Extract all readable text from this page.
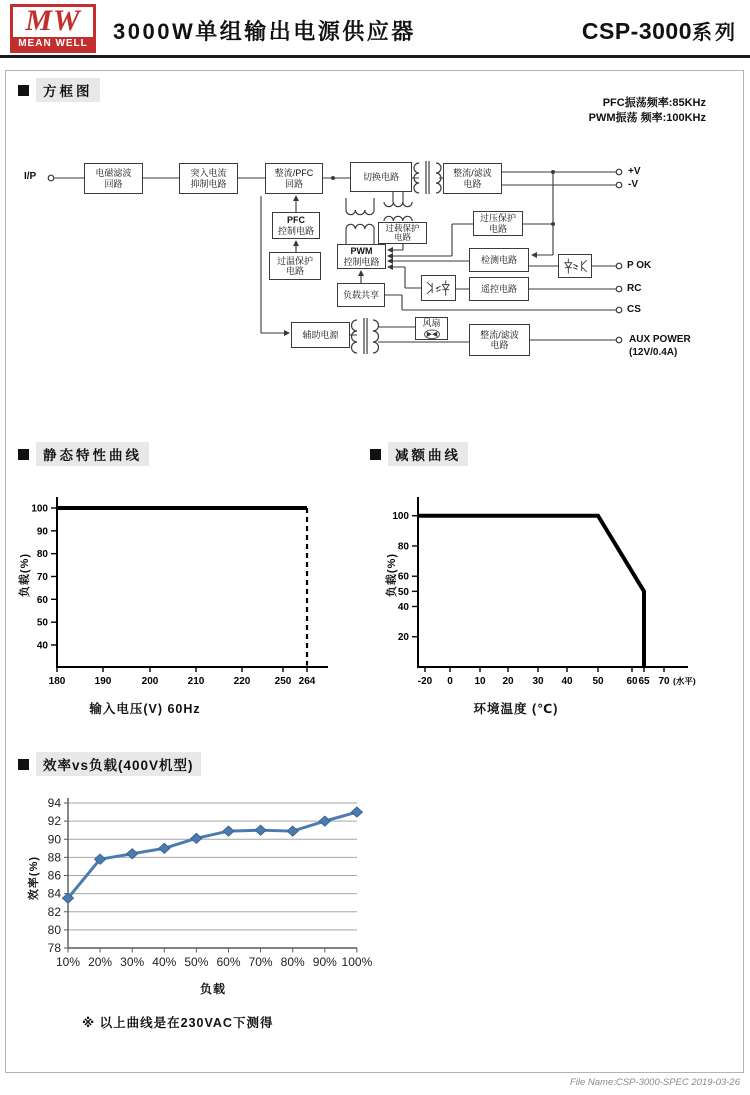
MW
MEAN WELL 3000W单组输出电源供应器	CSP-3000系列
方框图
静态特性曲线	减额曲线
效率vs负载(400V机型)
PFC振荡频率:85KHz
PWM振荡 频率:100KHz
电磁滤波
回路
突入电流
抑制电路
整流/PFC
回路
切换电路	整流/滤波
电路
PFC
控制电路
过温保护
电路
过载保护
电路
过压保护
电路
PWM
控制电路	检测电路
遥控电路
负载共享
辅助电源
风扇
整流/滤波
电路
I/P	+V
-V
P OK
RC
CS
AUX POWER
(12V/0.4A)
180	190	200	210	220 250 264
100
90
80
70
60
50
40
-20 0 10 20 30 40 50 60 65 70 (水平)
100
80
60
50
40
20
94
92
90
88
86
84
82
80
78
10% 20% 30% 40% 50% 60% 70% 80% 90% 100%
负载(%)	负载(%)
效率(%)
输入电压(V) 60Hz	环境温度 (℃)
负载
※ 以上曲线是在230VAC下测得
File Name:CSP-3000-SPEC 2019-03-26
